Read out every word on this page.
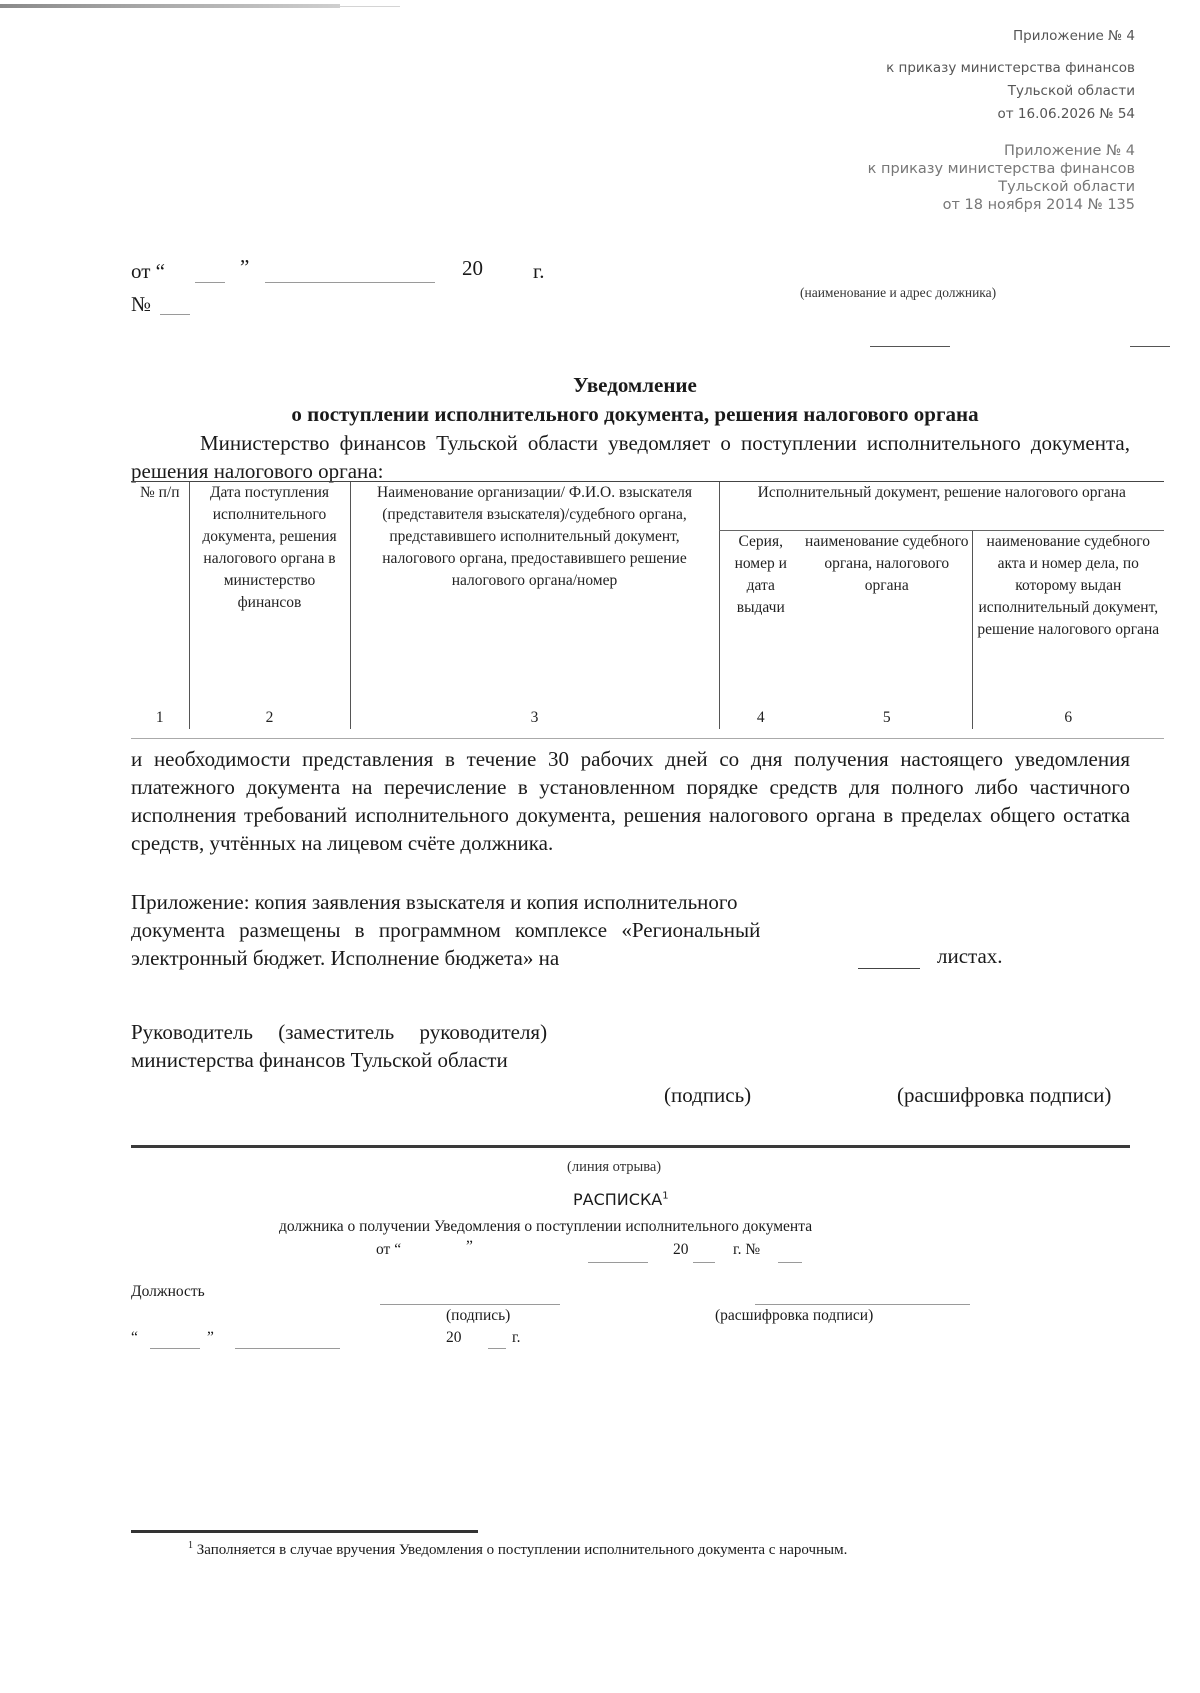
Приложение № 4
к приказу министерства финансов
Тульской области
от 16.06.2026 № 54
Приложение № 4
к приказу министерства финансов
Тульской области
от 18 ноября 2014 № 135
от “	”	20 г.
№	(наименование и адрес должника)
Уведомление
о поступлении исполнительного документа, решения налогового органа
Министерство финансов Тульской области уведомляет о поступлении исполнительного документа, решения налогового органа:
№ п/п	Дата поступления исполнительного документа, решения налогового органа в министерство финансов	Наименование организации/ Ф.И.О. взыскателя (представителя взыскателя)/судебного органа, представившего исполнительный документ, налогового органа, предоставившего решение налогового органа/номер	Исполнительный документ, решение налогового органа		
			Серия, номер и дата выдачи	наименование судебного органа, налогового органа	наименование судебного акта и номер дела, по которому выдан исполнительный документ, решение налогового органа
1	2	3	4	5	6
и необходимости представления в течение 30 рабочих дней со дня получения настоящего уведомления платежного документа на перечисление в установленном порядке средств для полного либо частичного исполнения требований исполнительного документа, решения налогового органа в пределах общего остатка средств, учтённых на лицевом счёте должника.
Приложение: копия заявления взыскателя и копия исполнительного
документа размещены в программном комплексе «Региональный
электронный бюджет. Исполнение бюджета» на	листах.
Руководитель (заместитель руководителя)
министерства финансов Тульской области
(подпись)	(расшифровка подписи)
(линия отрыва)
РАСПИСКА$^1$
должника о получении Уведомления о поступлении исполнительного документа
от “	”	20	г. №
Должность
(подпись)	(расшифровка подписи)
“	”	20	г.
$^1$ Заполняется в случае вручения Уведомления о поступлении исполнительного документа с нарочным.
